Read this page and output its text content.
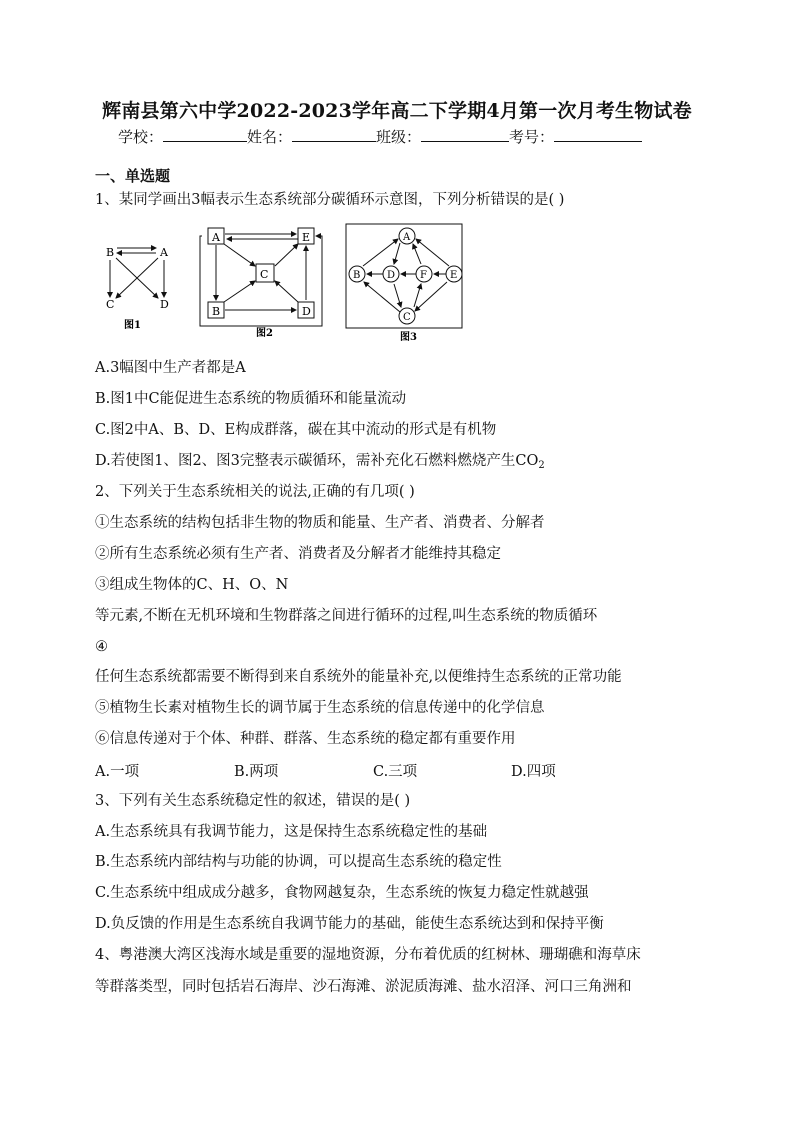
辉南县第六中学2022-2023学年高二下学期4月第一次月考生物试卷
学校：	姓名：	班级：	考号：
一、单选题
1、某同学画出3幅表示生态系统部分碳循环示意图，下列分析错误的是( )
B	A
C	D
图1
A	E
C
B	D
图2
A
B	D F E
C
图3
A.3幅图中生产者都是A
B.图1中C能促进生态系统的物质循环和能量流动
C.图2中A、B、D、E构成群落，碳在其中流动的形式是有机物
D.若使图1、图2、图3完整表示碳循环，需补充化石燃料燃烧产生$CO_2$
2、下列关于生态系统相关的说法,正确的有几项( )
①生态系统的结构包括非生物的物质和能量、生产者、消费者、分解者
②所有生态系统必须有生产者、消费者及分解者才能维持其稳定
③组成生物体的C、H、O、N
等元素,不断在无机环境和生物群落之间进行循环的过程,叫生态系统的物质循环
④
任何生态系统都需要不断得到来自系统外的能量补充,以便维持生态系统的正常功能
⑤植物生长素对植物生长的调节属于生态系统的信息传递中的化学信息
⑥信息传递对于个体、种群、群落、生态系统的稳定都有重要作用
A.一项	B.两项	C.三项	D.四项
3、下列有关生态系统稳定性的叙述，错误的是( )
A.生态系统具有我调节能力，这是保持生态系统稳定性的基础
B.生态系统内部结构与功能的协调，可以提高生态系统的稳定性
C.生态系统中组成成分越多，食物网越复杂，生态系统的恢复力稳定性就越强
D.负反馈的作用是生态系统自我调节能力的基础，能使生态系统达到和保持平衡
4、粤港澳大湾区浅海水域是重要的湿地资源，分布着优质的红树林、珊瑚礁和海草床
等群落类型，同时包括岩石海岸、沙石海滩、淤泥质海滩、盐水沼泽、河口三角洲和
